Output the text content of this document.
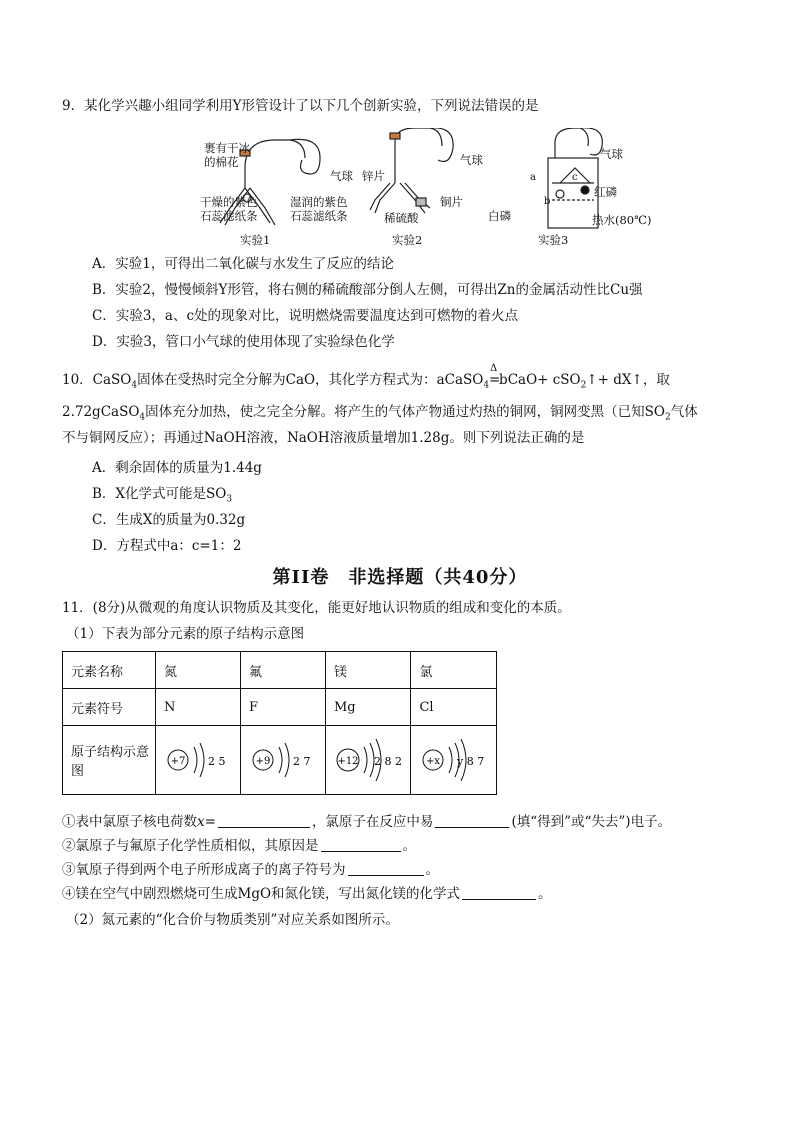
9．某化学兴趣小组同学利用Y形管设计了以下几个创新实验，下列说法错误的是
裹有干冰
的棉花
气球
干燥的紫色
石蕊滤纸条
湿润的紫色
石蕊滤纸条
实验1
锌片
气球
铜片
稀硫酸
实验2
气球
红磷
白磷	热水(80℃)
a
b
c
实验3
A．实验1，可得出二氧化碳与水发生了反应的结论
B．实验2，慢慢倾斜Y形管，将右侧的稀硫酸部分倒人左侧，可得出Zn的金属活动性比Cu强
C．实验3，a、c处的现象对比，说明燃烧需要温度达到可燃物的着火点
D．实验3，管口小气球的使用体现了实验绿色化学
10．CaSO$_4$固体在受热时完全分解为CaO，其化学方程式为：aCaSO$_4$
Δ
=bCaO+ cSO$_2$↑+ dX↑，取
2.72gCaSO$_4$固体充分加热，使之完全分解。将产生的气体产物通过灼热的铜网，铜网变黑（已知$SO_2$气体
不与铜网反应）；再通过NaOH溶液，NaOH溶液质量增加1.28g。则下列说法正确的是
A．剩余固体的质量为1.44g
B．X化学式可能是$SO_3$
C．生成X的质量为0.32g
D．方程式中a：c=1：2
第II卷　非选择题（共40分）
11．(8分)从微观的角度认识物质及其变化，能更好地认识物质的组成和变化的本质。
（1）下表为部分元素的原子结构示意图
元素名称	氮	氟	镁	氯
元素符号	N	F	Mg	Cl
原子结构示意图	+7 2 5	+9 2 7	+12 2 8 2	+x y 8 7
①表中氯原子核电荷数x=	，氯原子在反应中易	(填“得到”或“失去”)电子。
②氯原子与氟原子化学性质相似，其原因是	。
③氧原子得到两个电子所形成离子的离子符号为	。
④镁在空气中剧烈燃烧可生成MgO和氮化镁，写出氮化镁的化学式	。
（2）氮元素的“化合价与物质类别”对应关系如图所示。
